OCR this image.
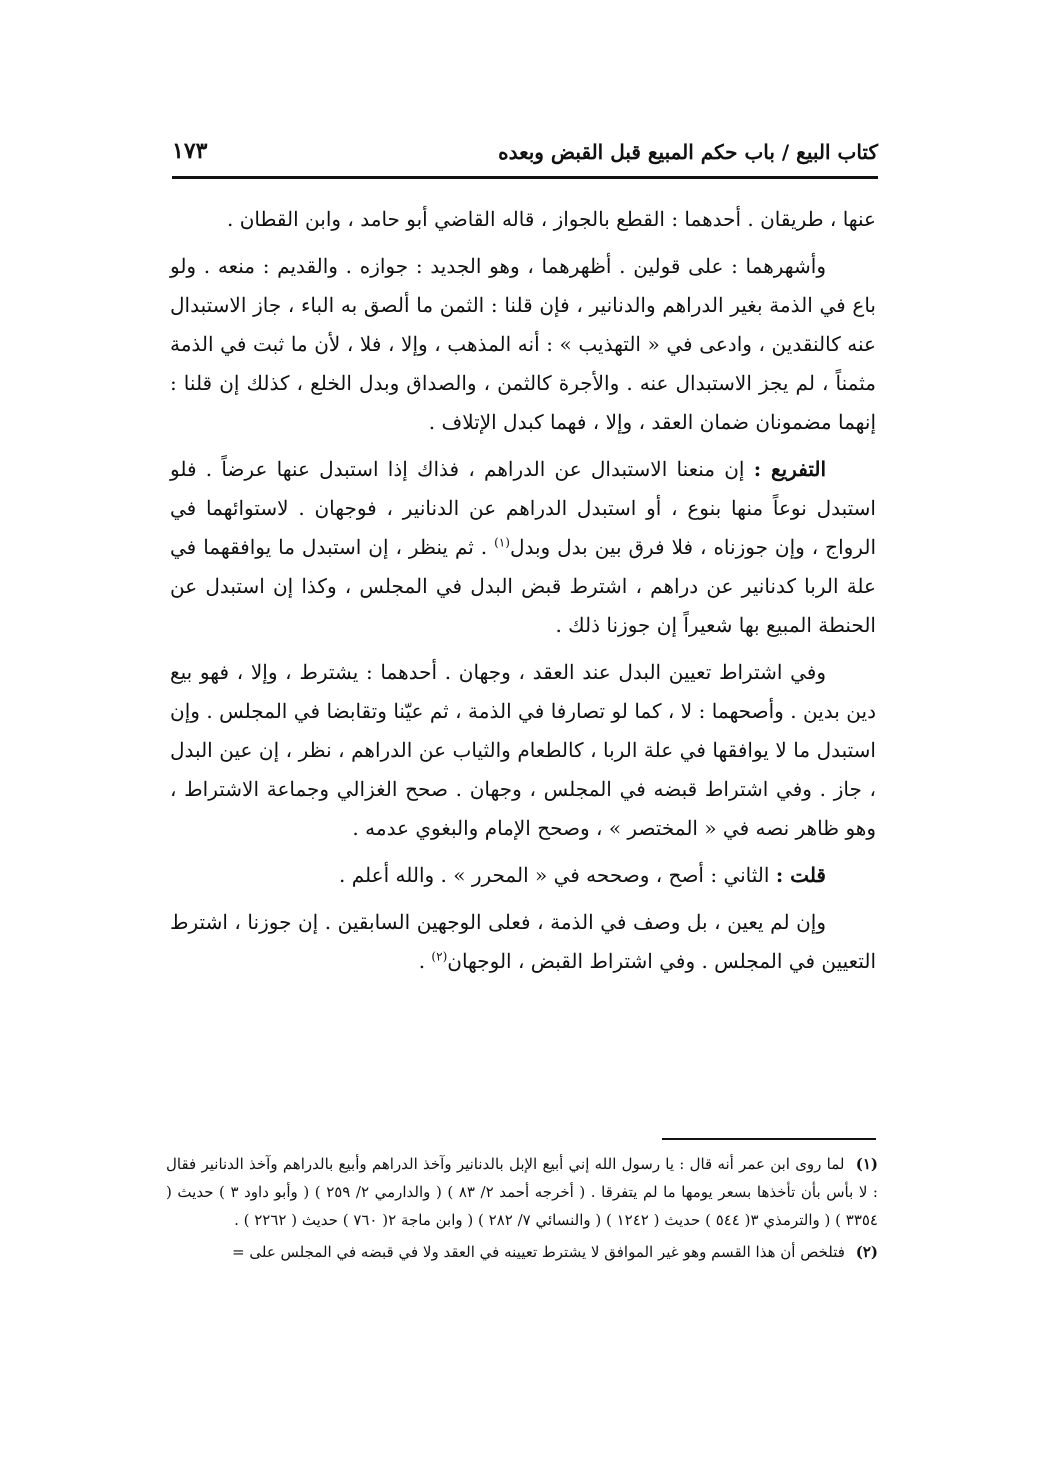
كتاب البيع / باب حكم المبيع قبل القبض وبعده
١٧٣

عنها ، طريقان . أحدهما : القطع بالجواز ، قاله القاضي أبو حامد ، وابن القطان .

وأشهرهما : على قولين . أظهرهما ، وهو الجديد : جوازه . والقديم : منعه . ولو باع في الذمة بغير الدراهم والدنانير ، فإن قلنا : الثمن ما ألصق به الباء ، جاز الاستبدال عنه كالنقدين ، وادعى في « التهذيب » : أنه المذهب ، وإلا ، فلا ، لأن ما ثبت في الذمة مثمناً ، لم يجز الاستبدال عنه . والأجرة كالثمن ، والصداق وبدل الخلع ، كذلك إن قلنا : إنهما مضمونان ضمان العقد ، وإلا ، فهما كبدل الإتلاف .

التفريع : إن منعنا الاستبدال عن الدراهم ، فذاك إذا استبدل عنها عرضاً . فلو استبدل نوعاً منها بنوع ، أو استبدل الدراهم عن الدنانير ، فوجهان . لاستوائهما في الرواج ، وإن جوزناه ، فلا فرق بين بدل وبدل$^{(١)}$ . ثم ينظر ، إن استبدل ما يوافقهما في علة الربا كدنانير عن دراهم ، اشترط قبض البدل في المجلس ، وكذا إن استبدل عن الحنطة المبيع بها شعيراً إن جوزنا ذلك .

وفي اشتراط تعيين البدل عند العقد ، وجهان . أحدهما : يشترط ، وإلا ، فهو بيع دين بدين . وأصحهما : لا ، كما لو تصارفا في الذمة ، ثم عيّنا وتقابضا في المجلس . وإن استبدل ما لا يوافقها في علة الربا ، كالطعام والثياب عن الدراهم ، نظر ، إن عين البدل ، جاز . وفي اشتراط قبضه في المجلس ، وجهان . صحح الغزالي وجماعة الاشتراط ، وهو ظاهر نصه في « المختصر » ، وصحح الإمام والبغوي عدمه .

قلت : الثاني : أصح ، وصححه في « المحرر » . والله أعلم .

وإن لم يعين ، بل وصف في الذمة ، فعلى الوجهين السابقين . إن جوزنا ، اشترط التعيين في المجلس . وفي اشتراط القبض ، الوجهان$^{(٢)}$ .

(١) لما روى ابن عمر أنه قال : يا رسول الله إني أبيع الإبل بالدنانير وآخذ الدراهم وأبيع بالدراهم وآخذ الدنانير فقال : لا بأس بأن تأخذها بسعر يومها ما لم يتفرقا . ( أخرجه أحمد ٢/ ٨٣ ) ( والدارمي ٢/ ٢٥٩ ) ( وأبو داود ٣ ) حديث ( ٣٣٥٤ ) ( والترمذي ٣( ٥٤٤ ) حديث ( ١٢٤٢ ) ( والنسائي ٧/ ٢٨٢ ) ( وابن ماجة ٢( ٧٦٠ ) حديث ( ٢٢٦٢ ) .

(٢) فتلخص أن هذا القسم وهو غير الموافق لا يشترط تعيينه في العقد ولا في قبضه في المجلس على =
